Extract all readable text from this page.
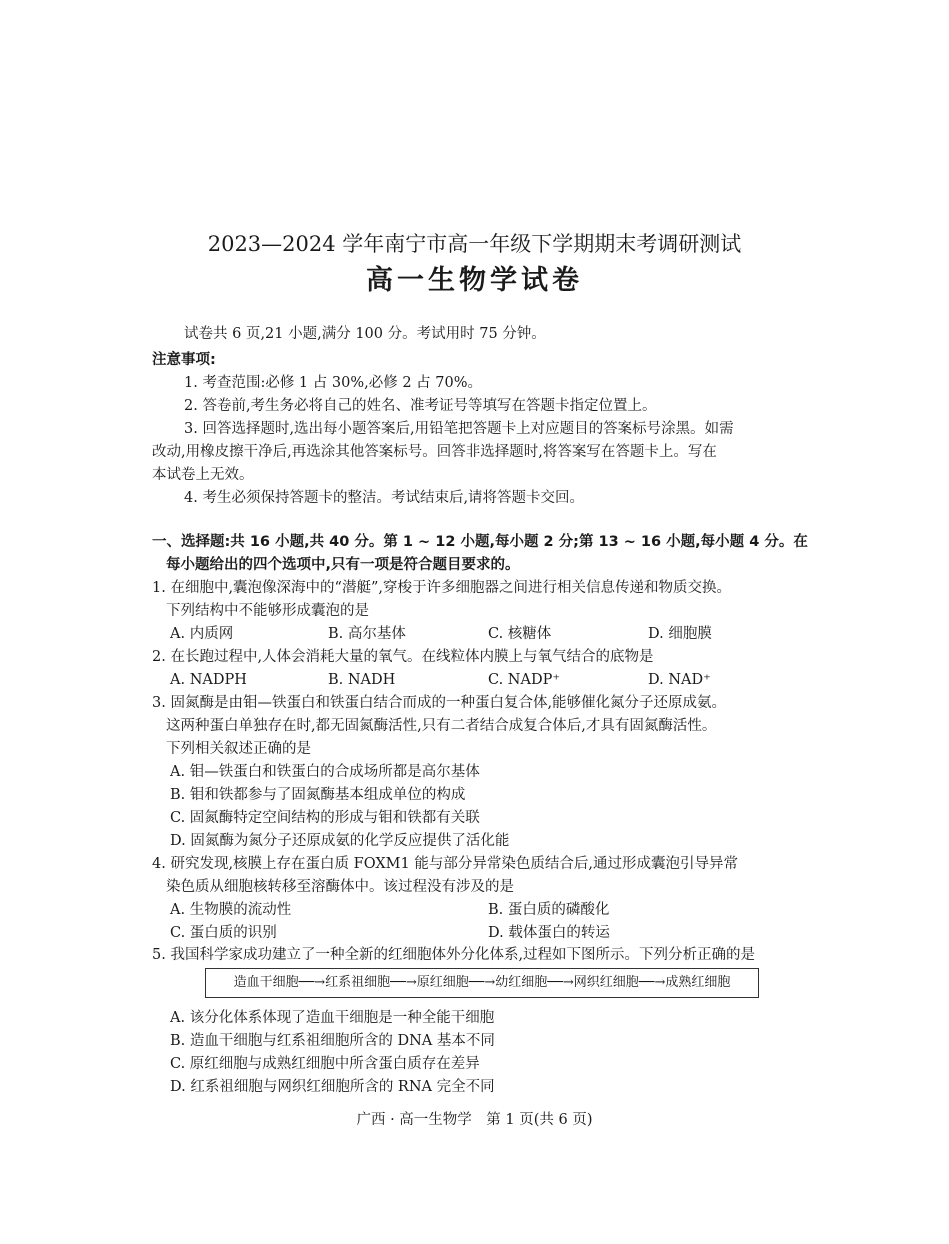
2023—2024 学年南宁市高一年级下学期期末考调研测试
高一生物学试卷
试卷共 6 页,21 小题,满分 100 分。考试用时 75 分钟。
注意事项:
1. 考查范围:必修 1 占 30%,必修 2 占 70%。
2. 答卷前,考生务必将自己的姓名、准考证号等填写在答题卡指定位置上。
3. 回答选择题时,选出每小题答案后,用铅笔把答题卡上对应题目的答案标号涂黑。如需
改动,用橡皮擦干净后,再选涂其他答案标号。回答非选择题时,将答案写在答题卡上。写在
本试卷上无效。
4. 考生必须保持答题卡的整洁。考试结束后,请将答题卡交回。
一、选择题:共 16 小题,共 40 分。第 1 ~ 12 小题,每小题 2 分;第 13 ~ 16 小题,每小题 4 分。在
每小题给出的四个选项中,只有一项是符合题目要求的。
1. 在细胞中,囊泡像深海中的“潜艇”,穿梭于许多细胞器之间进行相关信息传递和物质交换。
下列结构中不能够形成囊泡的是
A. 内质网	B. 高尔基体	C. 核糖体	D. 细胞膜
2. 在长跑过程中,人体会消耗大量的氧气。在线粒体内膜上与氧气结合的底物是
A. NADPH	B. NADH	C. NADP⁺	D. NAD⁺
3. 固氮酶是由钼—铁蛋白和铁蛋白结合而成的一种蛋白复合体,能够催化氮分子还原成氨。
这两种蛋白单独存在时,都无固氮酶活性,只有二者结合成复合体后,才具有固氮酶活性。
下列相关叙述正确的是
A. 钼—铁蛋白和铁蛋白的合成场所都是高尔基体
B. 钼和铁都参与了固氮酶基本组成单位的构成
C. 固氮酶特定空间结构的形成与钼和铁都有关联
D. 固氮酶为氮分子还原成氨的化学反应提供了活化能
4. 研究发现,核膜上存在蛋白质 FOXM1 能与部分异常染色质结合后,通过形成囊泡引导异常
染色质从细胞核转移至溶酶体中。该过程没有涉及的是
A. 生物膜的流动性	B. 蛋白质的磷酸化
C. 蛋白质的识别	D. 载体蛋白的转运
5. 我国科学家成功建立了一种全新的红细胞体外分化体系,过程如下图所示。下列分析正确的是
造血干细胞──→红系祖细胞──→原红细胞──→幼红细胞──→网织红细胞──→成熟红细胞
A. 该分化体系体现了造血干细胞是一种全能干细胞
B. 造血干细胞与红系祖细胞所含的 DNA 基本不同
C. 原红细胞与成熟红细胞中所含蛋白质存在差异
D. 红系祖细胞与网织红细胞所含的 RNA 完全不同
广西 · 高一生物学　第 1 页(共 6 页)
